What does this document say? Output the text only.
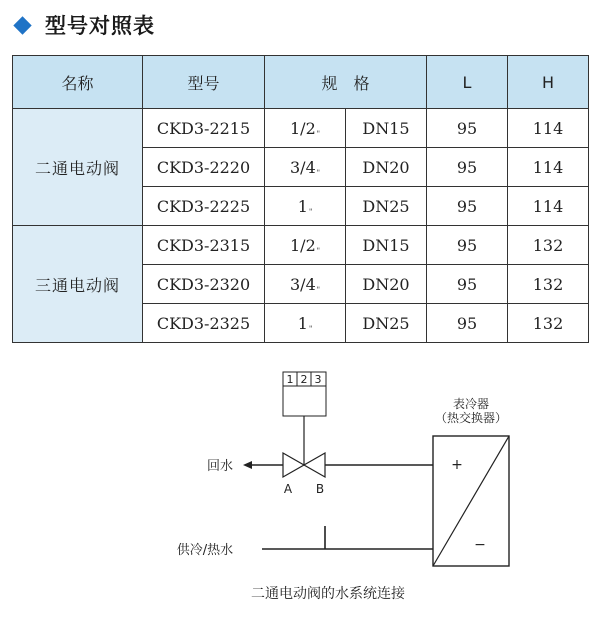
型号对照表
名称	型号	规　格		L	H
二通电动阀	CKD3-2215	$1/2_"$	DN15	95	114
	CKD3-2220	$3/4_"$	DN20	95	114
	CKD3-2225	$1_"$	DN25	95	114
三通电动阀	CKD3-2315	$1/2_"$	DN15	95	132
	CKD3-2320	$3/4_"$	DN20	95	132
	CKD3-2325	$1_"$	DN25	95	132
1 2 3
A B
回水
供冷/热水
表冷器
（热交换器）
+
−
二通电动阀的水系统连接
